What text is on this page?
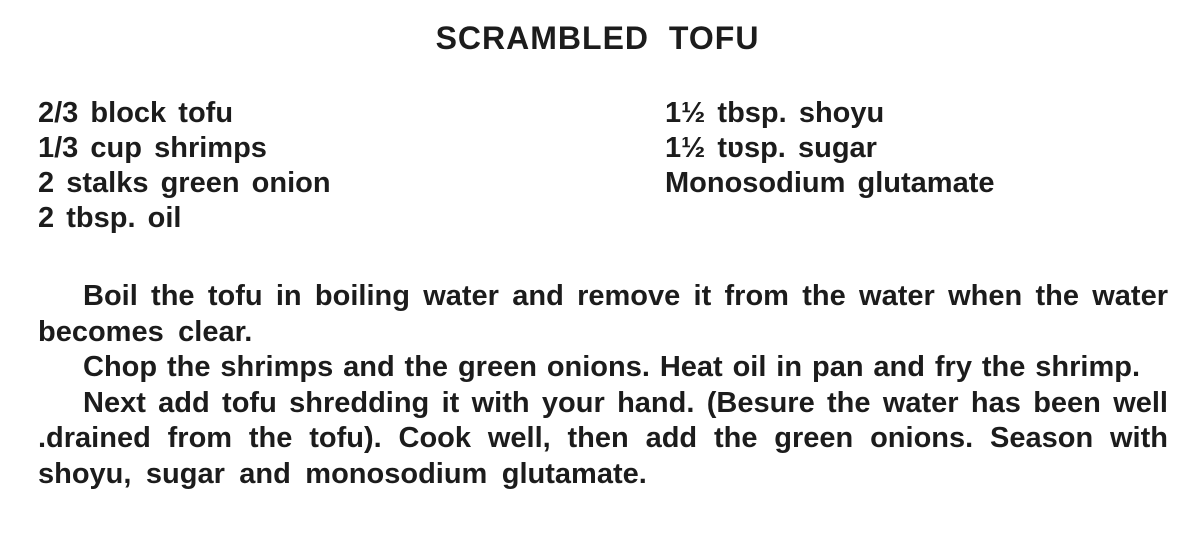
SCRAMBLED TOFU
2/3 block tofu
1/3 cup shrimps
2 stalks green onion
2 tbsp. oil
1½ tbsp. shoyu
1½ tʋsp. sugar
Monosodium glutamate
Boil the tofu in boiling water and remove it from the water when the water
becomes clear.
Chop the shrimps and the green onions. Heat oil in pan and fry the shrimp.
Next add tofu shredding it with your hand. (Besure the water has been well
.drained from the tofu). Cook well, then add the green onions. Season with
shoyu, sugar and monosodium glutamate.
